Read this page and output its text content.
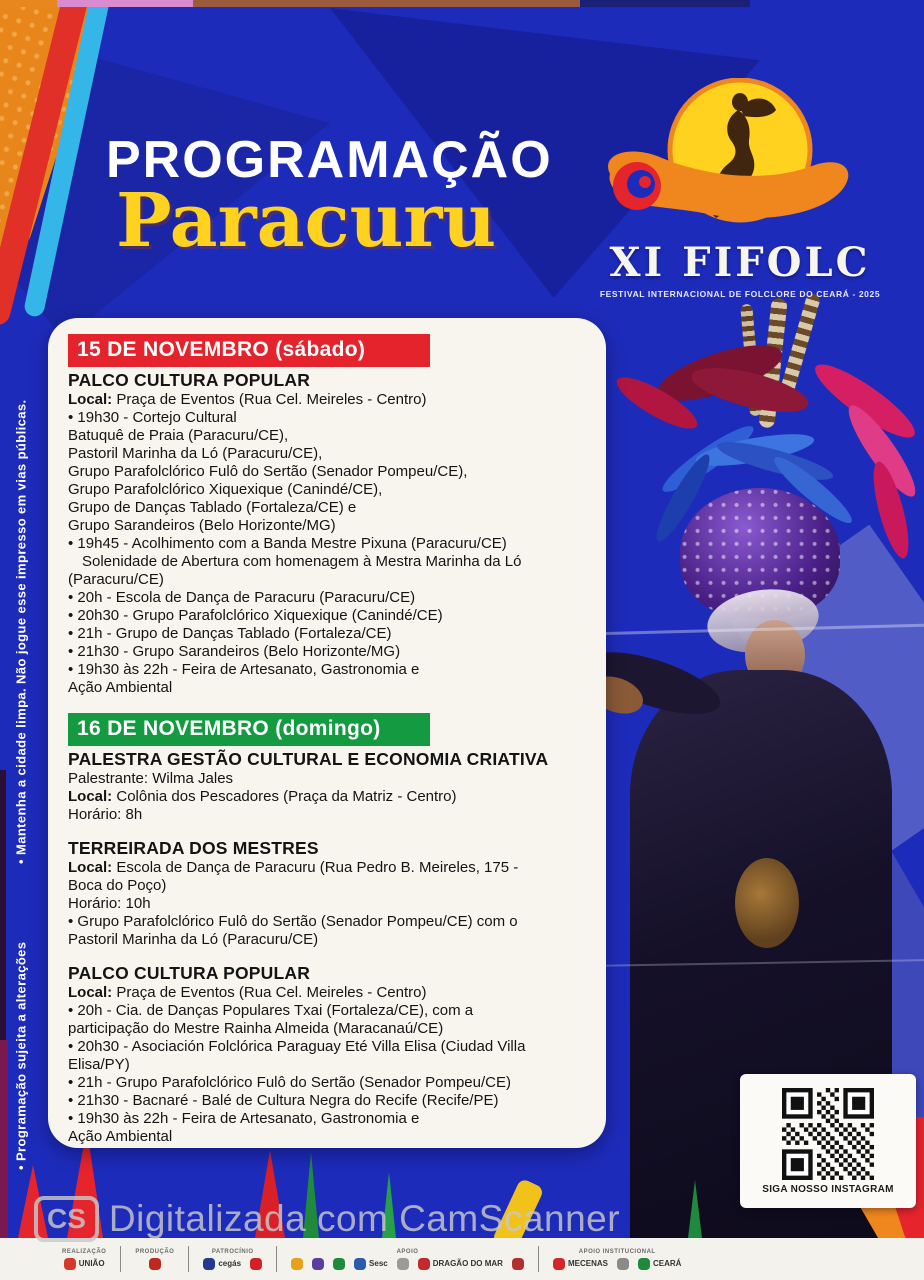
• Programação sujeita a alterações
• Mantenha a cidade limpa. Não jogue esse impresso em vias públicas.
PROGRAMAÇÃO
Paracuru	XI FIFOLC
FESTIVAL INTERNACIONAL DE FOLCLORE DO CEARÁ - 2025
15 DE NOVEMBRO (sábado)
PALCO CULTURA POPULAR
Local: Praça de Eventos (Rua Cel. Meireles - Centro)
• 19h30 - Cortejo Cultural
Batuquê de Praia (Paracuru/CE),
Pastoril Marinha da Ló (Paracuru/CE),
Grupo Parafolclórico Fulô do Sertão (Senador Pompeu/CE),
Grupo Parafolclórico Xiquexique (Canindé/CE),
Grupo de Danças Tablado (Fortaleza/CE) e
Grupo Sarandeiros (Belo Horizonte/MG)
• 19h45 - Acolhimento com a Banda Mestre Pixuna (Paracuru/CE)
Solenidade de Abertura com homenagem à Mestra Marinha da Ló
(Paracuru/CE)
• 20h - Escola de Dança de Paracuru (Paracuru/CE)
• 20h30 - Grupo Parafolclórico Xiquexique (Canindé/CE)
• 21h - Grupo de Danças Tablado (Fortaleza/CE)
• 21h30 - Grupo Sarandeiros (Belo Horizonte/MG)
• 19h30 às 22h - Feira de Artesanato, Gastronomia e
Ação Ambiental
16 DE NOVEMBRO (domingo)
PALESTRA GESTÃO CULTURAL E ECONOMIA CRIATIVA
Palestrante: Wilma Jales
Local: Colônia dos Pescadores (Praça da Matriz - Centro)
Horário: 8h
TERREIRADA DOS MESTRES
Local: Escola de Dança de Paracuru (Rua Pedro B. Meireles, 175 -
Boca do Poço)
Horário: 10h
• Grupo Parafolclórico Fulô do Sertão (Senador Pompeu/CE) com o
Pastoril Marinha da Ló (Paracuru/CE)
PALCO CULTURA POPULAR
Local: Praça de Eventos (Rua Cel. Meireles - Centro)
• 20h - Cia. de Danças Populares Txai (Fortaleza/CE), com a
participação do Mestre Rainha Almeida (Maracanaú/CE)
• 20h30 - Asociación Folclórica Paraguay Eté Villa Elisa (Ciudad Villa
Elisa/PY)
• 21h - Grupo Parafolclórico Fulô do Sertão (Senador Pompeu/CE)
• 21h30 - Bacnaré - Balé de Cultura Negra do Recife (Recife/PE)
• 19h30 às 22h - Feira de Artesanato, Gastronomia e
Ação Ambiental
SIGA NOSSO INSTAGRAM
REALIZAÇÃO
UNIÃO
PRODUÇÃO	PATROCÍNIO
cegás
APOIO
Sesc	DRAGÃO DO MAR
APOIO INSTITUCIONAL
MECENAS	CEARÁ
CS Digitalizada com CamScanner
